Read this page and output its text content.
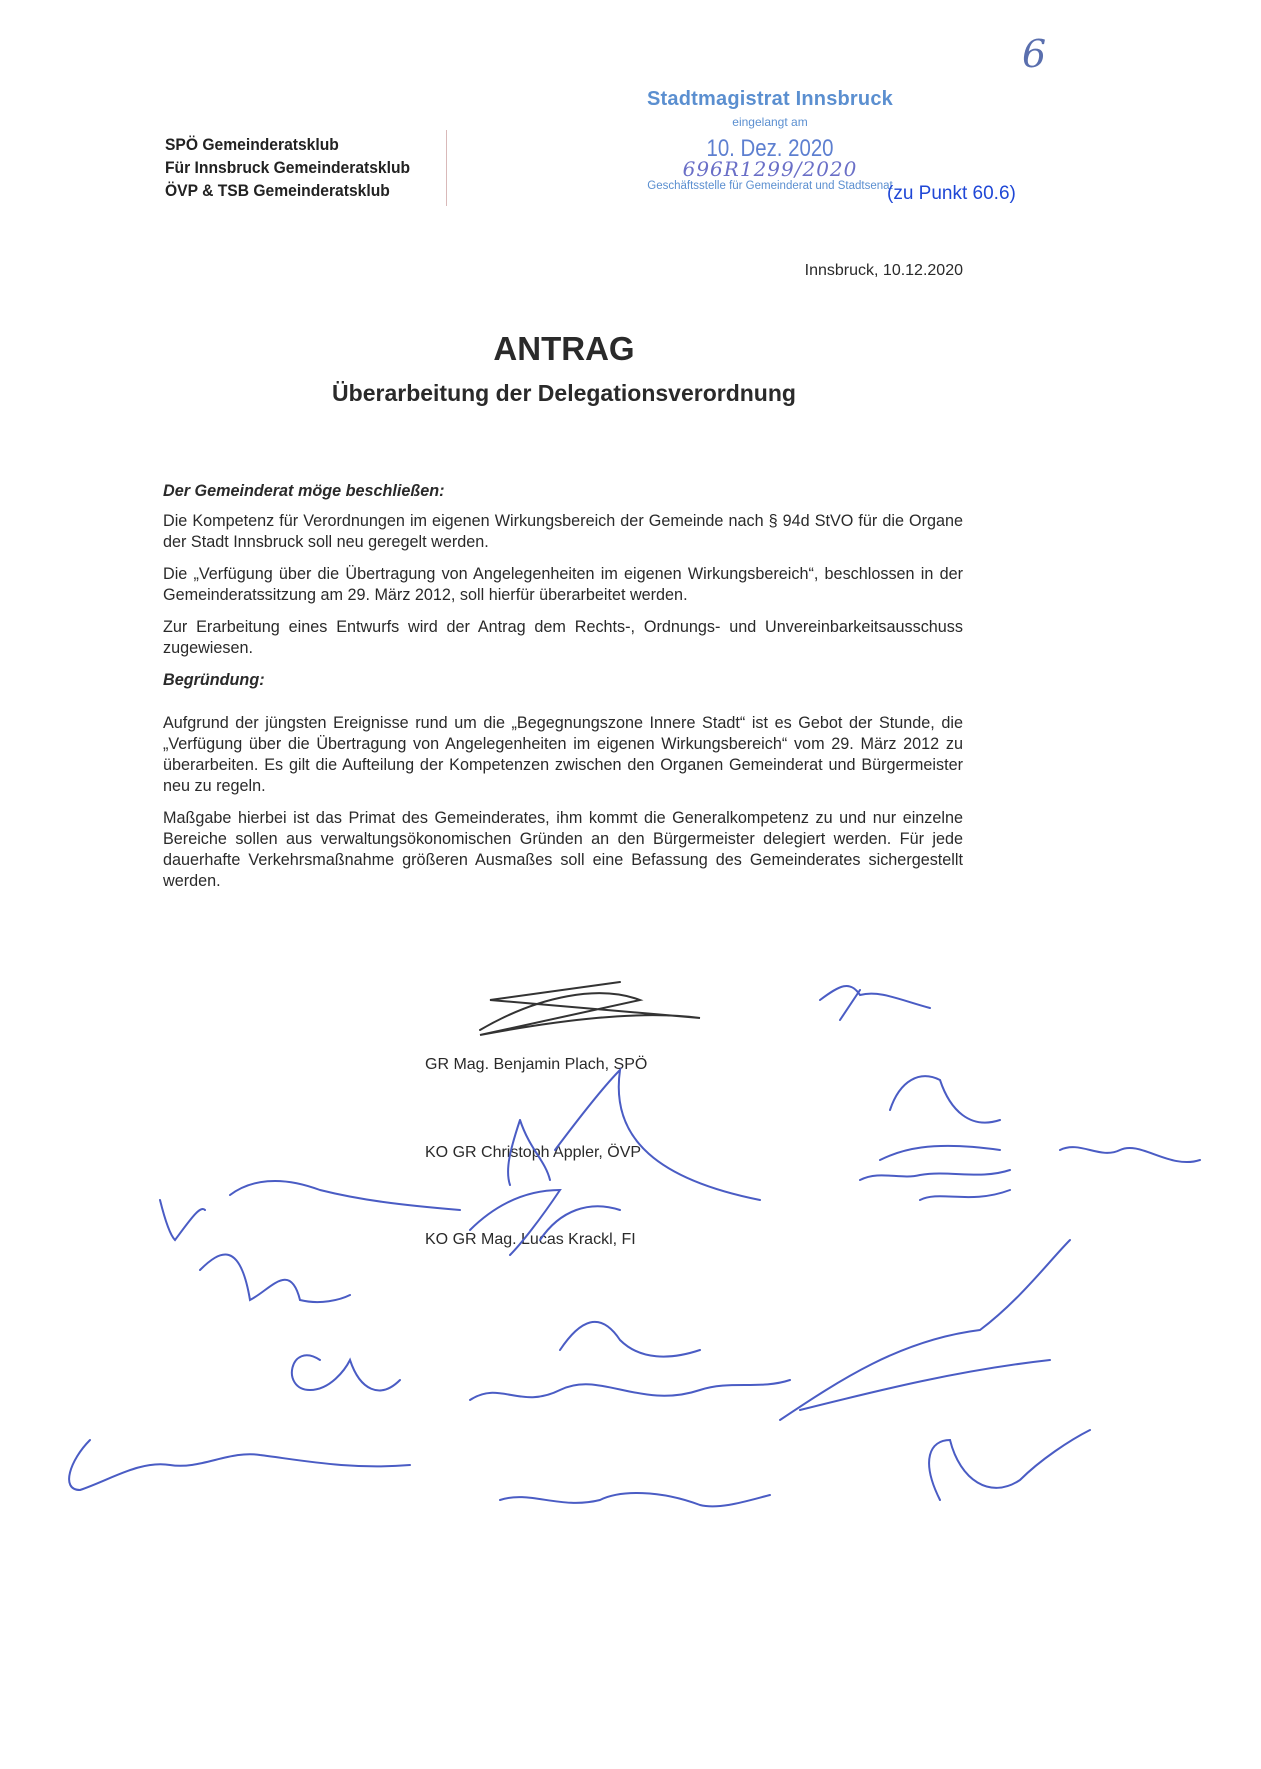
6
SPÖ Gemeinderatsklub
Für Innsbruck Gemeinderatsklub
ÖVP & TSB Gemeinderatsklub
Stadtmagistrat Innsbruck
eingelangt am
10. Dez. 2020
696R1299/2020
Geschäftsstelle für Gemeinderat und Stadtsenat
(zu Punkt 60.6)
Innsbruck, 10.12.2020
ANTRAG
Überarbeitung der Delegationsverordnung
Der Gemeinderat möge beschließen:

Die Kompetenz für Verordnungen im eigenen Wirkungsbereich der Gemeinde nach § 94d StVO für die Organe der Stadt Innsbruck soll neu geregelt werden.

Die „Verfügung über die Übertragung von Angelegenheiten im eigenen Wirkungsbereich“, beschlossen in der Gemeinderatssitzung am 29. März 2012, soll hierfür überarbeitet werden.

Zur Erarbeitung eines Entwurfs wird der Antrag dem Rechts-, Ordnungs- und Unvereinbarkeitsausschuss zugewiesen.

Begründung:

Aufgrund der jüngsten Ereignisse rund um die „Begegnungszone Innere Stadt“ ist es Gebot der Stunde, die „Verfügung über die Übertragung von Angelegenheiten im eigenen Wirkungsbereich“ vom 29. März 2012 zu überarbeiten. Es gilt die Aufteilung der Kompetenzen zwischen den Organen Gemeinderat und Bürgermeister neu zu regeln.

Maßgabe hierbei ist das Primat des Gemeinderates, ihm kommt die Generalkompetenz zu und nur einzelne Bereiche sollen aus verwaltungsökonomischen Gründen an den Bürgermeister delegiert werden. Für jede dauerhafte Verkehrsmaßnahme größeren Ausmaßes soll eine Befassung des Gemeinderates sichergestellt werden.

GR Mag. Benjamin Plach, SPÖ
KO GR Christoph Appler, ÖVP
KO GR Mag. Lucas Krackl, FI
